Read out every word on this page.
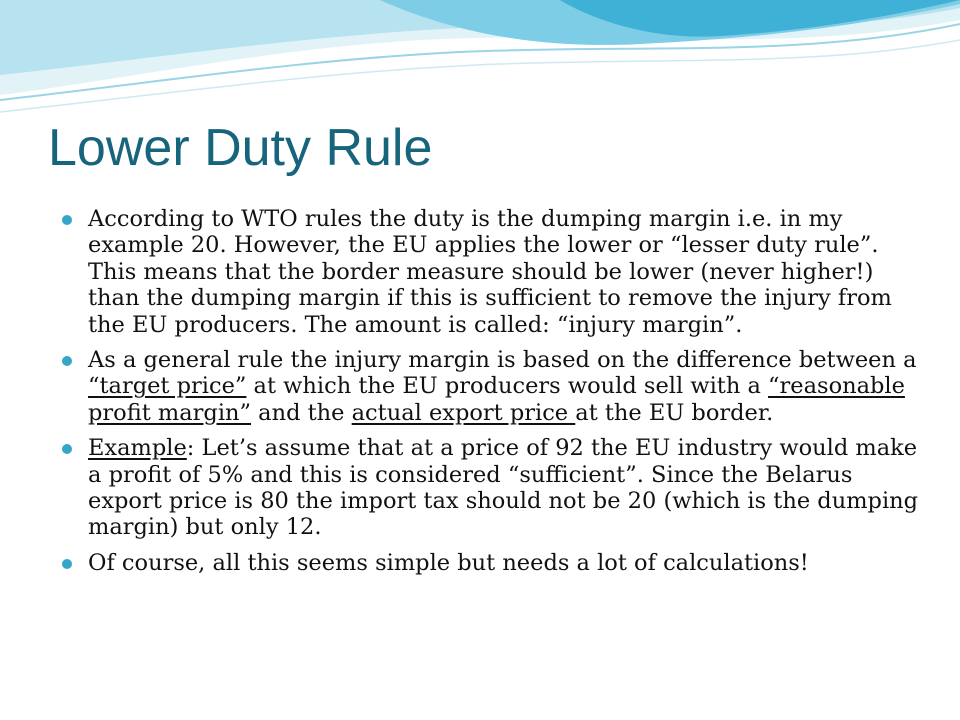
Lower Duty Rule
According to WTO rules the duty is the dumping margin i.e. in my example 20. However, the EU applies the lower or “lesser duty rule”. This means that the border measure should be lower (never higher!) than the dumping margin if this is sufficient to remove the injury from the EU producers. The amount is called: “injury margin”.
As a general rule the injury margin is based on the difference between a “target price” at which the EU producers would sell with a “reasonable profit margin” and the actual export price at the EU border.
Example: Let’s assume that at a price of 92 the EU industry would make a profit of 5% and this is considered “sufficient”. Since the Belarus export price is 80 the import tax should not be 20 (which is the dumping margin) but only 12.
Of course, all this seems simple but needs a lot of calculations!
